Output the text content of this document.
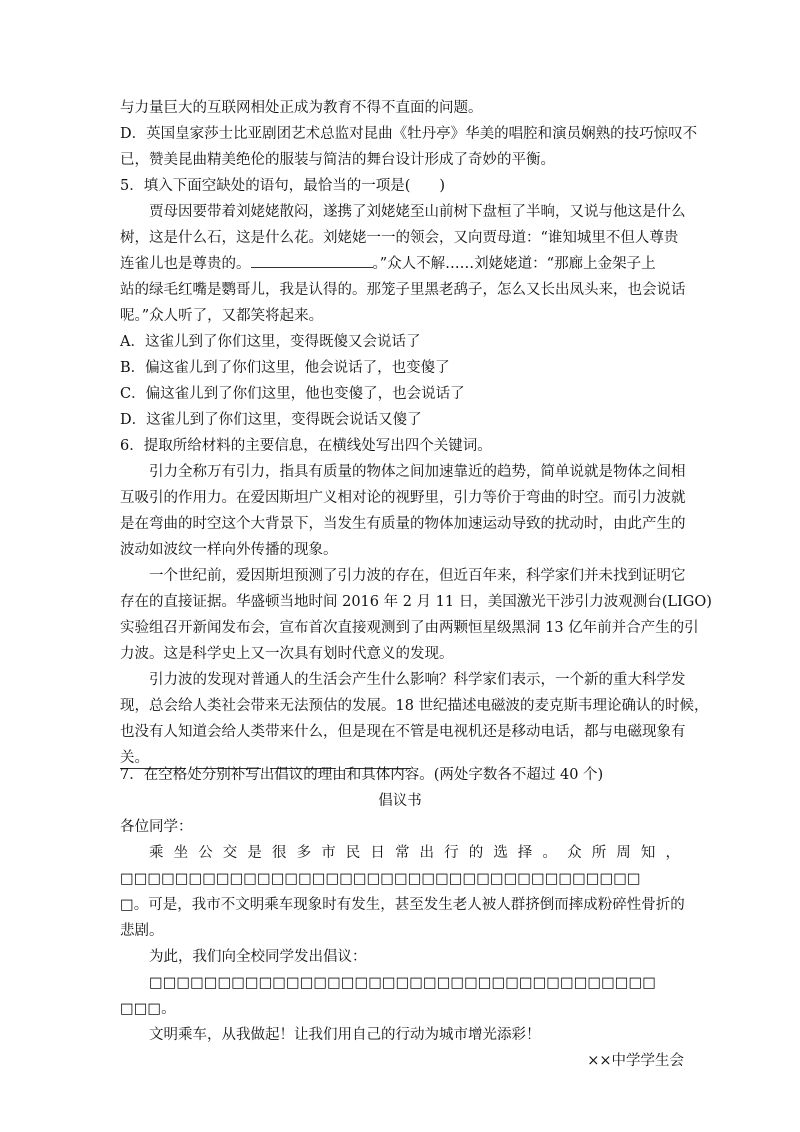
与力量巨大的互联网相处正成为教育不得不直面的问题。
D．英国皇家莎士比亚剧团艺术总监对昆曲《牡丹亭》华美的唱腔和演员娴熟的技巧惊叹不
已，赞美昆曲精美绝伦的服装与简洁的舞台设计形成了奇妙的平衡。
5．填入下面空缺处的语句，最恰当的一项是(　　)
贾母因要带着刘姥姥散闷，遂携了刘姥姥至山前树下盘桓了半晌，又说与他这是什么
树，这是什么石，这是什么花。刘姥姥一一的领会，又向贾母道：“谁知城里不但人尊贵
连雀儿也是尊贵的。	。”众人不解……刘姥姥道：“那廊上金架子上
站的绿毛红嘴是鹦哥儿，我是认得的。那笼子里黑老鸹子，怎么又长出凤头来，也会说话
呢。”众人听了，又都笑将起来。
A．这雀儿到了你们这里，变得既傻又会说话了
B．偏这雀儿到了你们这里，他会说话了，也变傻了
C．偏这雀儿到了你们这里，他也变傻了，也会说话了
D．这雀儿到了你们这里，变得既会说话又傻了
6．提取所给材料的主要信息，在横线处写出四个关键词。
引力全称万有引力，指具有质量的物体之间加速靠近的趋势，简单说就是物体之间相
互吸引的作用力。在爱因斯坦广义相对论的视野里，引力等价于弯曲的时空。而引力波就
是在弯曲的时空这个大背景下，当发生有质量的物体加速运动导致的扰动时，由此产生的
波动如波纹一样向外传播的现象。
一个世纪前，爱因斯坦预测了引力波的存在，但近百年来，科学家们并未找到证明它
存在的直接证据。华盛顿当地时间 2016 年 2 月 11 日，美国激光干涉引力波观测台(LIGO)
实验组召开新闻发布会，宣布首次直接观测到了由两颗恒星级黑洞 13 亿年前并合产生的引
力波。这是科学史上又一次具有划时代意义的发现。
引力波的发现对普通人的生活会产生什么影响？科学家们表示，一个新的重大科学发
现，总会给人类社会带来无法预估的发展。18 世纪描述电磁波的麦克斯韦理论确认的时候，
也没有人知道会给人类带来什么，但是现在不管是电视机还是移动电话，都与电磁现象有
关。
7．在空格处分别补写出倡议的理由和具体内容。(两处字数各不超过 40 个)
倡议书
各位同学：
乘坐公交是很多市民日常出行的选择。众所周知，
□□□□□□□□□□□□□□□□□□□□□□□□□□□□□□□□□□□□□□
□。可是，我市不文明乘车现象时有发生，甚至发生老人被人群挤倒而摔成粉碎性骨折的
悲剧。
为此，我们向全校同学发出倡议：
□□□□□□□□□□□□□□□□□□□□□□□□□□□□□□□□□□□□□
□□□。
文明乘车，从我做起！让我们用自己的行动为城市增光添彩！
××中学学生会
